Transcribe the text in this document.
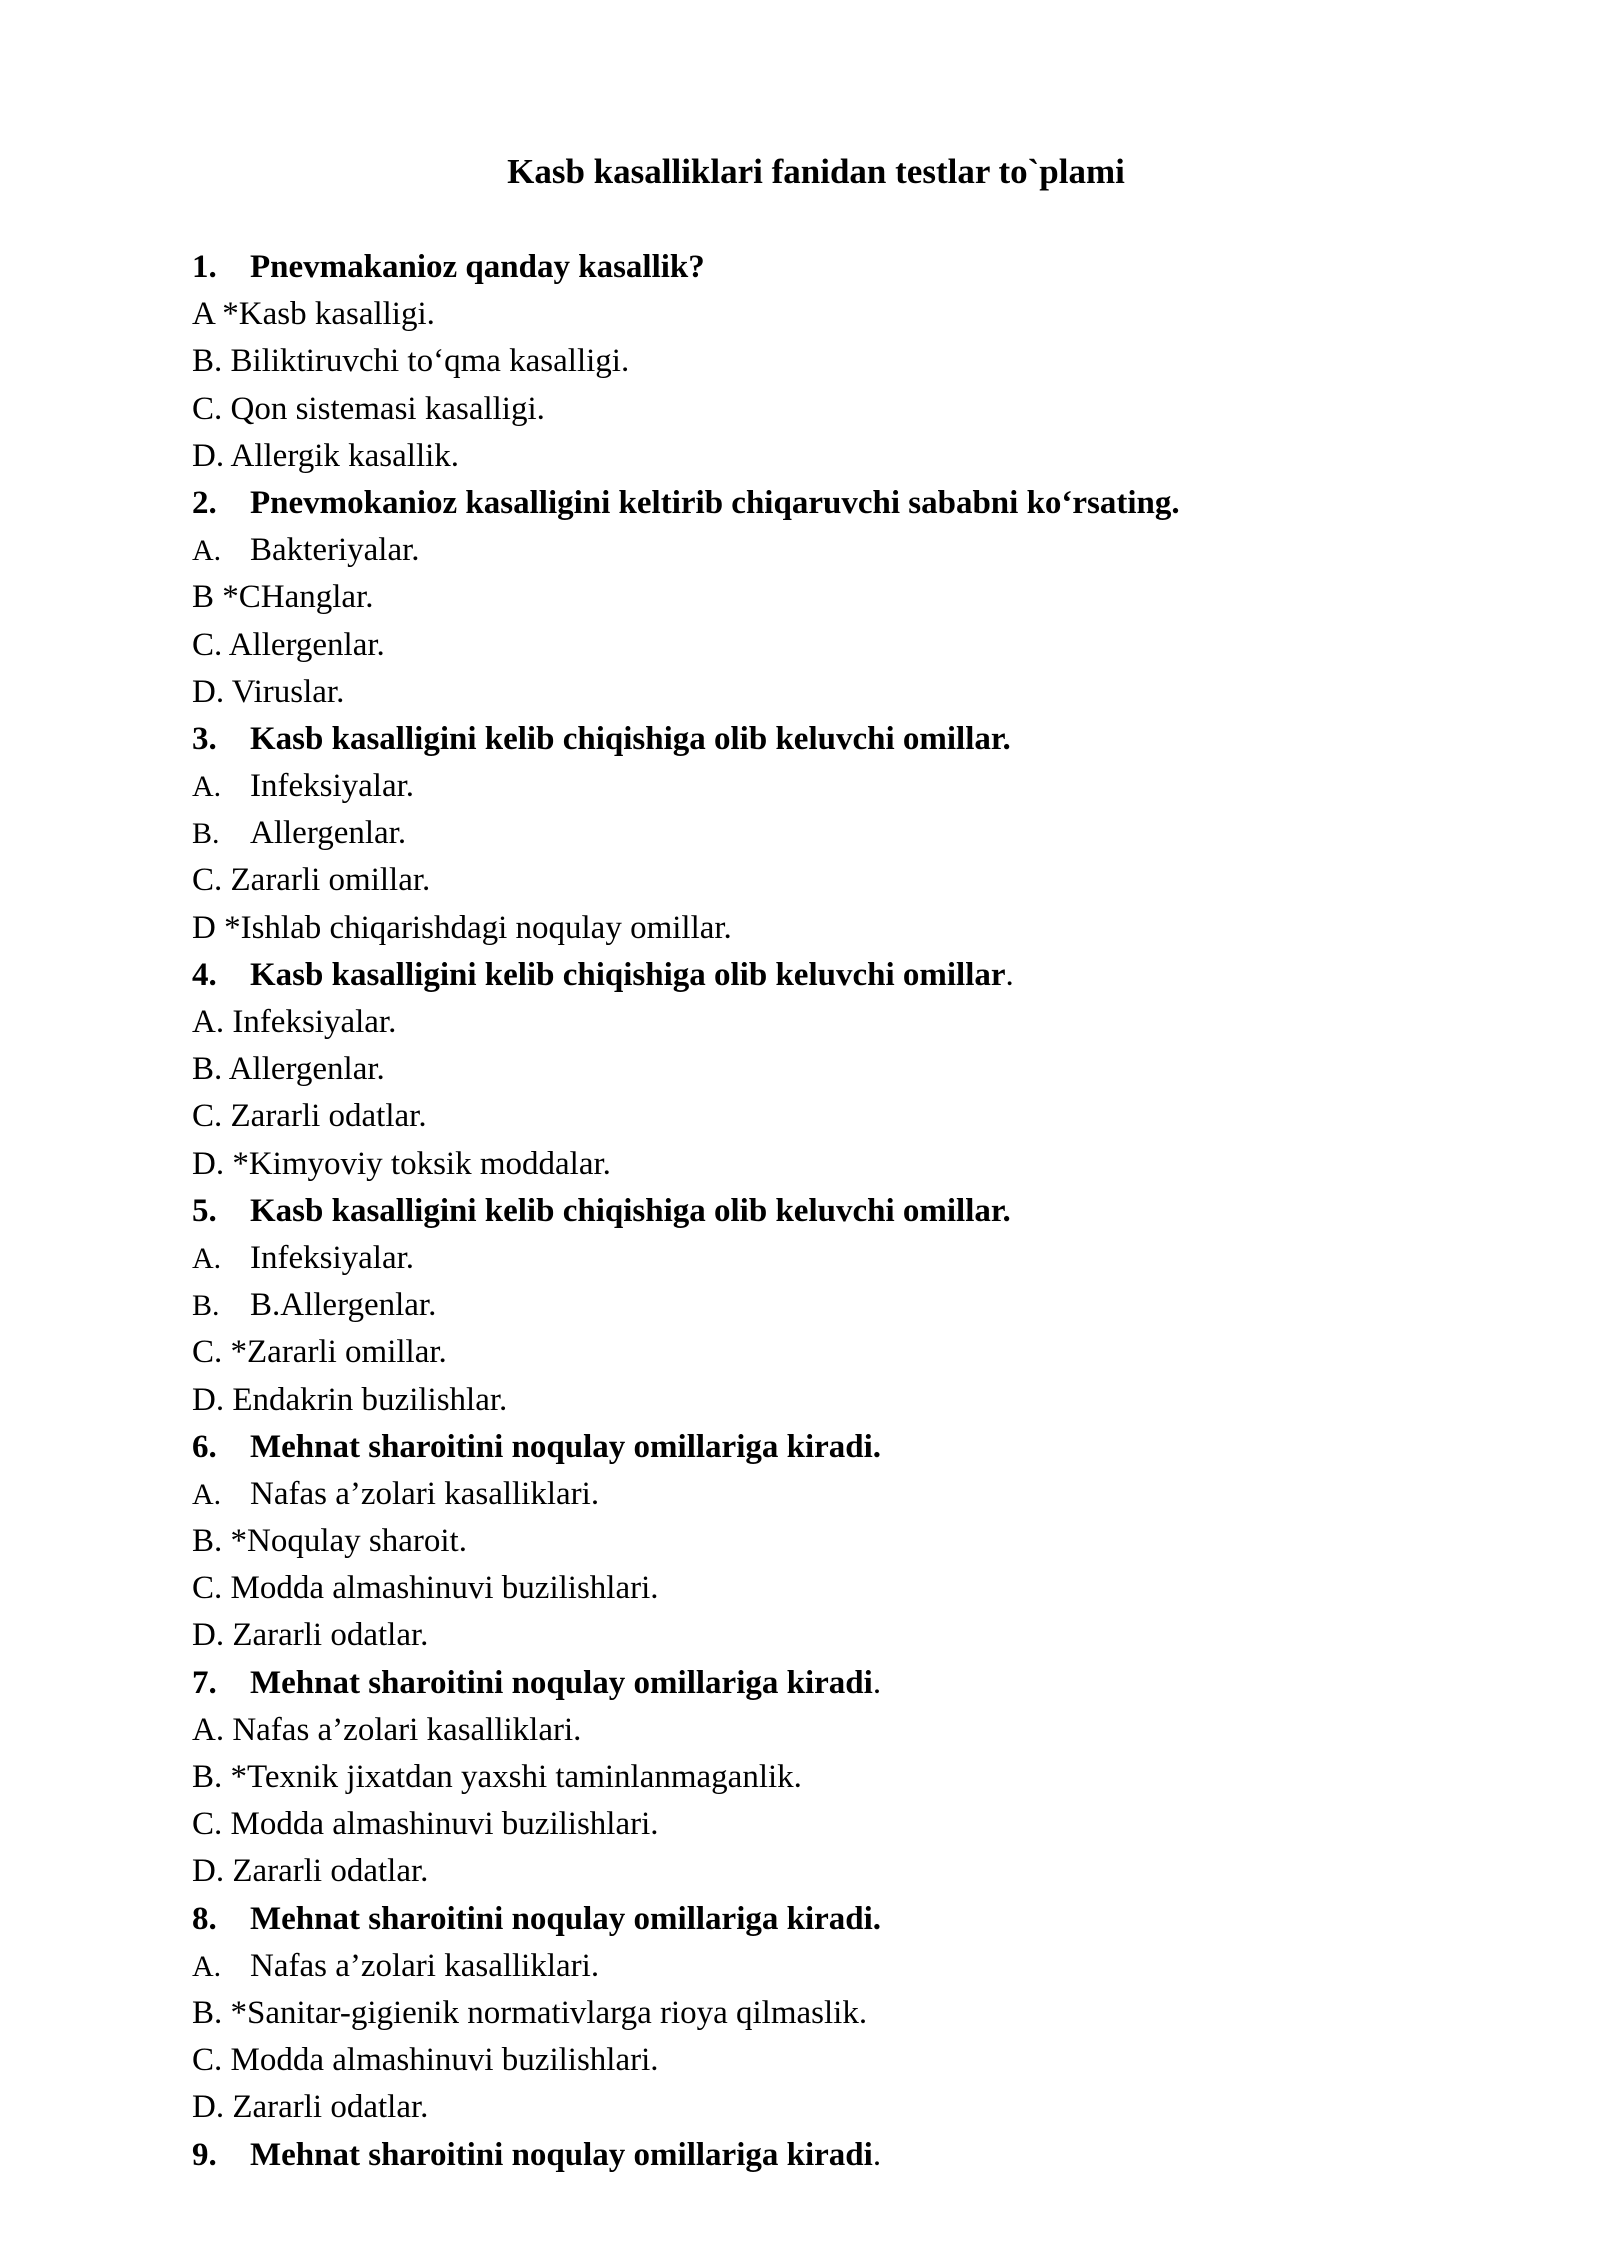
Kasb kasalliklari fanidan testlar to`plami
1. Pnevmakanioz qanday kasallik?
A *Kasb kasalligi.
B. Biliktiruvchi to‘qma kasalligi.
C. Qon sistemasi kasalligi.
D. Allergik kasallik.
2. Pnevmokanioz kasalligini keltirib chiqaruvchi sababni ko‘rsating.
A. Bakteriyalar.
B *CHanglar.
C. Allergenlar.
D. Viruslar.
3. Kasb kasalligini kelib chiqishiga olib keluvchi omillar.
A. Infeksiyalar.
B. Allergenlar.
C. Zararli omillar.
D *Ishlab chiqarishdagi noqulay omillar.
4. Kasb kasalligini kelib chiqishiga olib keluvchi omillar.
A. Infeksiyalar.
B. Allergenlar.
C. Zararli odatlar.
D. *Kimyoviy toksik moddalar.
5. Kasb kasalligini kelib chiqishiga olib keluvchi omillar.
A. Infeksiyalar.
B. B.Allergenlar.
C. *Zararli omillar.
D. Endakrin buzilishlar.
6. Mehnat sharoitini noqulay omillariga kiradi.
A. Nafas a’zolari kasalliklari.
B. *Noqulay sharoit.
C. Modda almashinuvi buzilishlari.
D. Zararli odatlar.
7. Mehnat sharoitini noqulay omillariga kiradi.
A. Nafas a’zolari kasalliklari.
B. *Texnik jixatdan yaxshi taminlanmaganlik.
C. Modda almashinuvi buzilishlari.
D. Zararli odatlar.
8. Mehnat sharoitini noqulay omillariga kiradi.
A. Nafas a’zolari kasalliklari.
B. *Sanitar-gigienik normativlarga rioya qilmaslik.
C. Modda almashinuvi buzilishlari.
D. Zararli odatlar.
9. Mehnat sharoitini noqulay omillariga kiradi.
